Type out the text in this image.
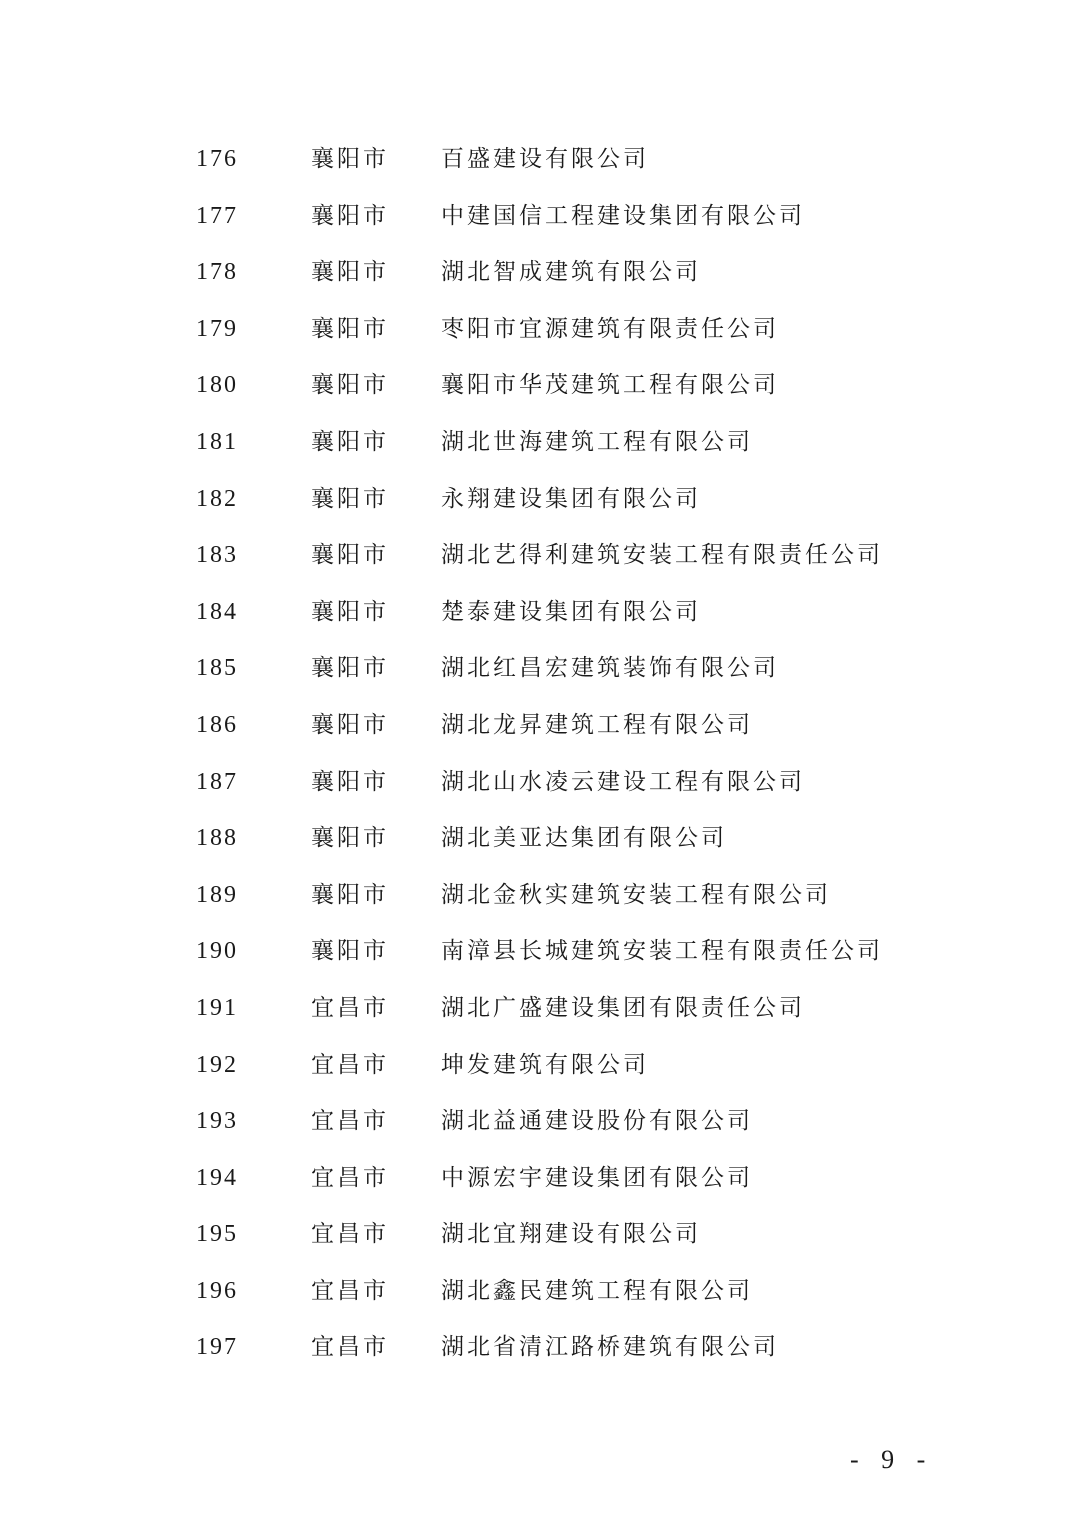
176	襄阳市 百盛建设有限公司
177	襄阳市 中建国信工程建设集团有限公司
178	襄阳市 湖北智成建筑有限公司
179	襄阳市 枣阳市宜源建筑有限责任公司
180	襄阳市 襄阳市华茂建筑工程有限公司
181	襄阳市 湖北世海建筑工程有限公司
182	襄阳市 永翔建设集团有限公司
183	襄阳市 湖北艺得利建筑安装工程有限责任公司
184	襄阳市 楚泰建设集团有限公司
185	襄阳市 湖北红昌宏建筑装饰有限公司
186	襄阳市 湖北龙昇建筑工程有限公司
187	襄阳市 湖北山水凌云建设工程有限公司
188	襄阳市 湖北美亚达集团有限公司
189	襄阳市 湖北金秋实建筑安装工程有限公司
190	襄阳市 南漳县长城建筑安装工程有限责任公司
191	宜昌市 湖北广盛建设集团有限责任公司
192	宜昌市 坤发建筑有限公司
193	宜昌市 湖北益通建设股份有限公司
194	宜昌市 中源宏宇建设集团有限公司
195	宜昌市 湖北宜翔建设有限公司
196	宜昌市 湖北鑫民建筑工程有限公司
197	宜昌市 湖北省清江路桥建筑有限公司
- 9 -
